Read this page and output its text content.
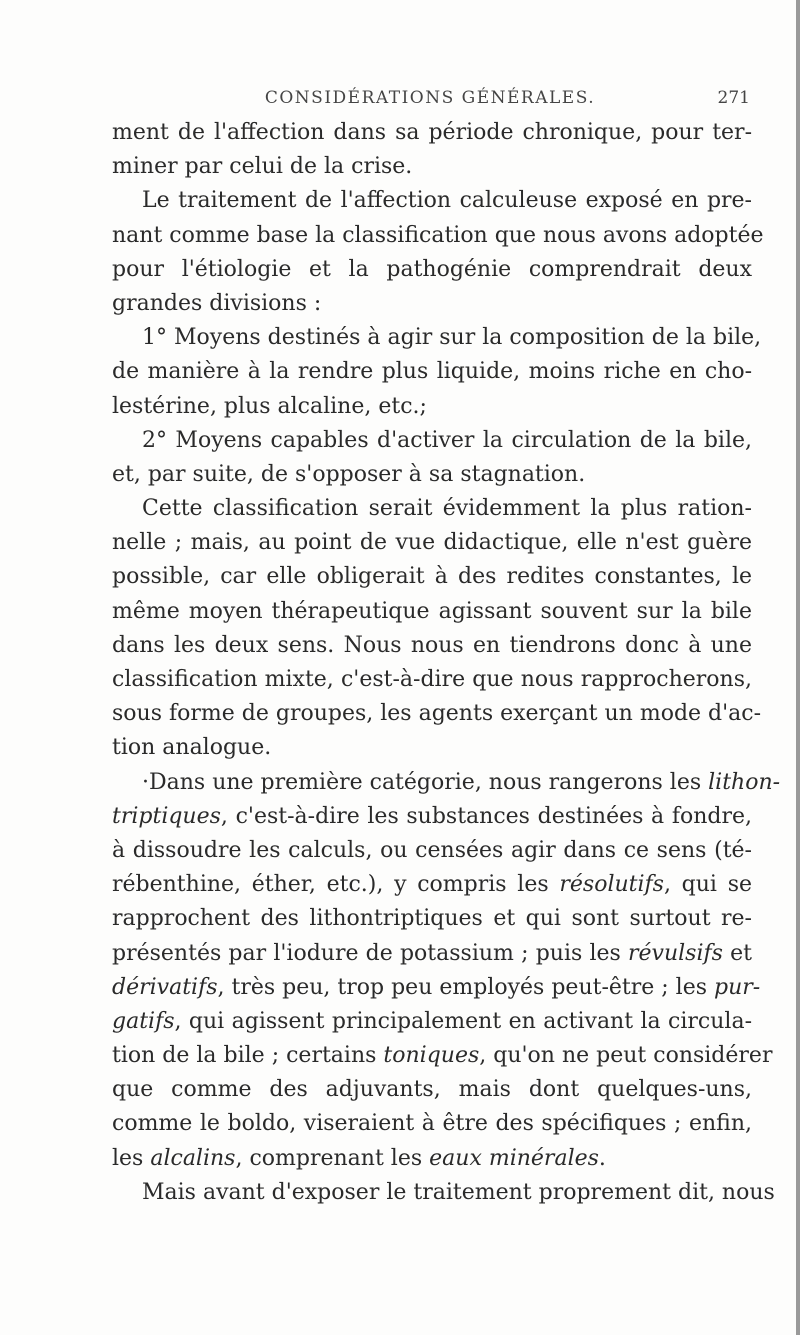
CONSIDÉRATIONS GÉNÉRALES.	271
ment de l'affection dans sa période chronique, pour ter-
miner par celui de la crise.
Le traitement de l'affection calculeuse exposé en pre-
nant comme base la classification que nous avons adoptée
pour l'étiologie et la pathogénie comprendrait deux
grandes divisions :
1° Moyens destinés à agir sur la composition de la bile,
de manière à la rendre plus liquide, moins riche en cho-
lestérine, plus alcaline, etc.;
2° Moyens capables d'activer la circulation de la bile,
et, par suite, de s'opposer à sa stagnation.
Cette classification serait évidemment la plus ration-
nelle ; mais, au point de vue didactique, elle n'est guère
possible, car elle obligerait à des redites constantes, le
même moyen thérapeutique agissant souvent sur la bile
dans les deux sens. Nous nous en tiendrons donc à une
classification mixte, c'est-à-dire que nous rapprocherons,
sous forme de groupes, les agents exerçant un mode d'ac-
tion analogue.
·Dans une première catégorie, nous rangerons les lithon-
triptiques, c'est-à-dire les substances destinées à fondre,
à dissoudre les calculs, ou censées agir dans ce sens (té-
rébenthine, éther, etc.), y compris les résolutifs, qui se
rapprochent des lithontriptiques et qui sont surtout re-
présentés par l'iodure de potassium ; puis les révulsifs et
dérivatifs, très peu, trop peu employés peut-être ; les pur-
gatifs, qui agissent principalement en activant la circula-
tion de la bile ; certains toniques, qu'on ne peut considérer
que comme des adjuvants, mais dont quelques-uns,
comme le boldo, viseraient à être des spécifiques ; enfin,
les alcalins, comprenant les eaux minérales.
Mais avant d'exposer le traitement proprement dit, nous
